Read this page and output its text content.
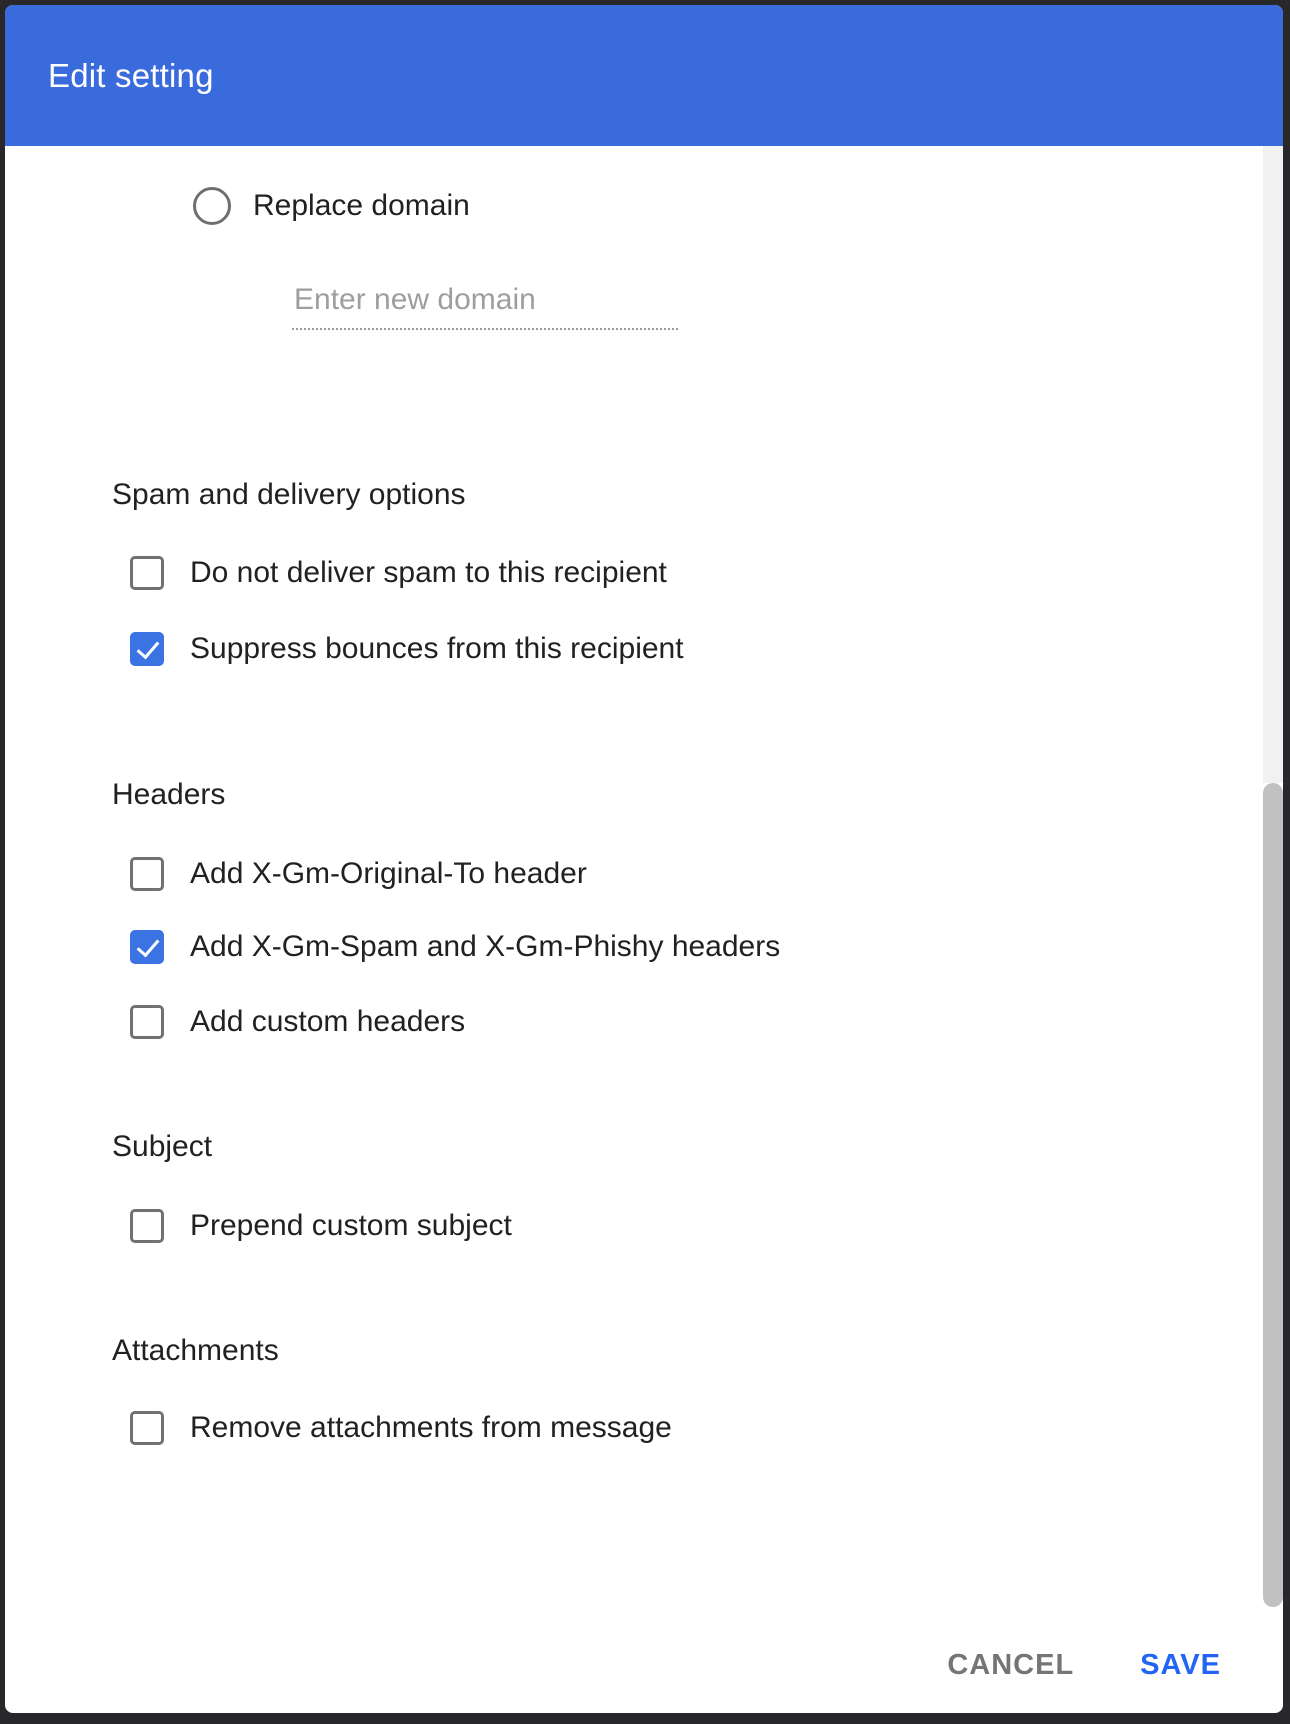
Edit setting
Replace domain
Enter new domain
Spam and delivery options
Do not deliver spam to this recipient
Suppress bounces from this recipient
Headers
Add X-Gm-Original-To header
Add X-Gm-Spam and X-Gm-Phishy headers
Add custom headers
Subject
Prepend custom subject
Attachments
Remove attachments from message
CANCEL SAVE
